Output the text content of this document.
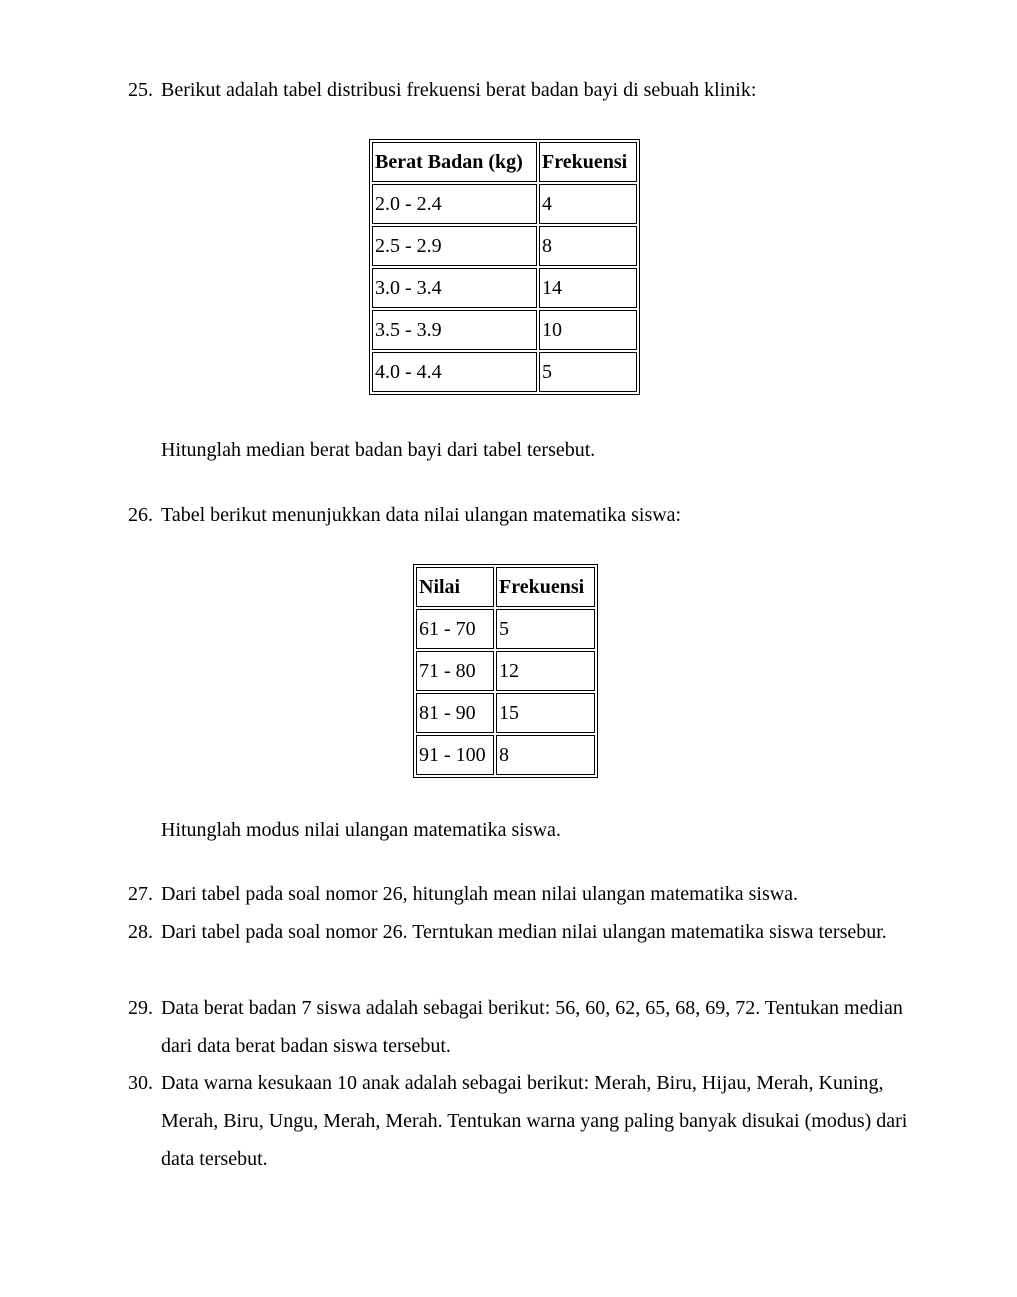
25. Berikut adalah tabel distribusi frekuensi berat badan bayi di sebuah klinik:
Berat Badan (kg)	Frekuensi
2.0 - 2.4	4
2.5 - 2.9	8
3.0 - 3.4	14
3.5 - 3.9	10
4.0 - 4.4	5
Hitunglah median berat badan bayi dari tabel tersebut.
26. Tabel berikut menunjukkan data nilai ulangan matematika siswa:
Nilai	Frekuensi
61 - 70	5
71 - 80	12
81 - 90	15
91 - 100	8
Hitunglah modus nilai ulangan matematika siswa.
27. Dari tabel pada soal nomor 26, hitunglah mean nilai ulangan matematika siswa.
28. Dari tabel pada soal nomor 26. Terntukan median nilai ulangan matematika siswa tersebur.
29. Data berat badan 7 siswa adalah sebagai berikut: 56, 60, 62, 65, 68, 69, 72. Tentukan median dari data berat badan siswa tersebut.
30. Data warna kesukaan 10 anak adalah sebagai berikut: Merah, Biru, Hijau, Merah, Kuning, Merah, Biru, Ungu, Merah, Merah. Tentukan warna yang paling banyak disukai (modus) dari data tersebut.
